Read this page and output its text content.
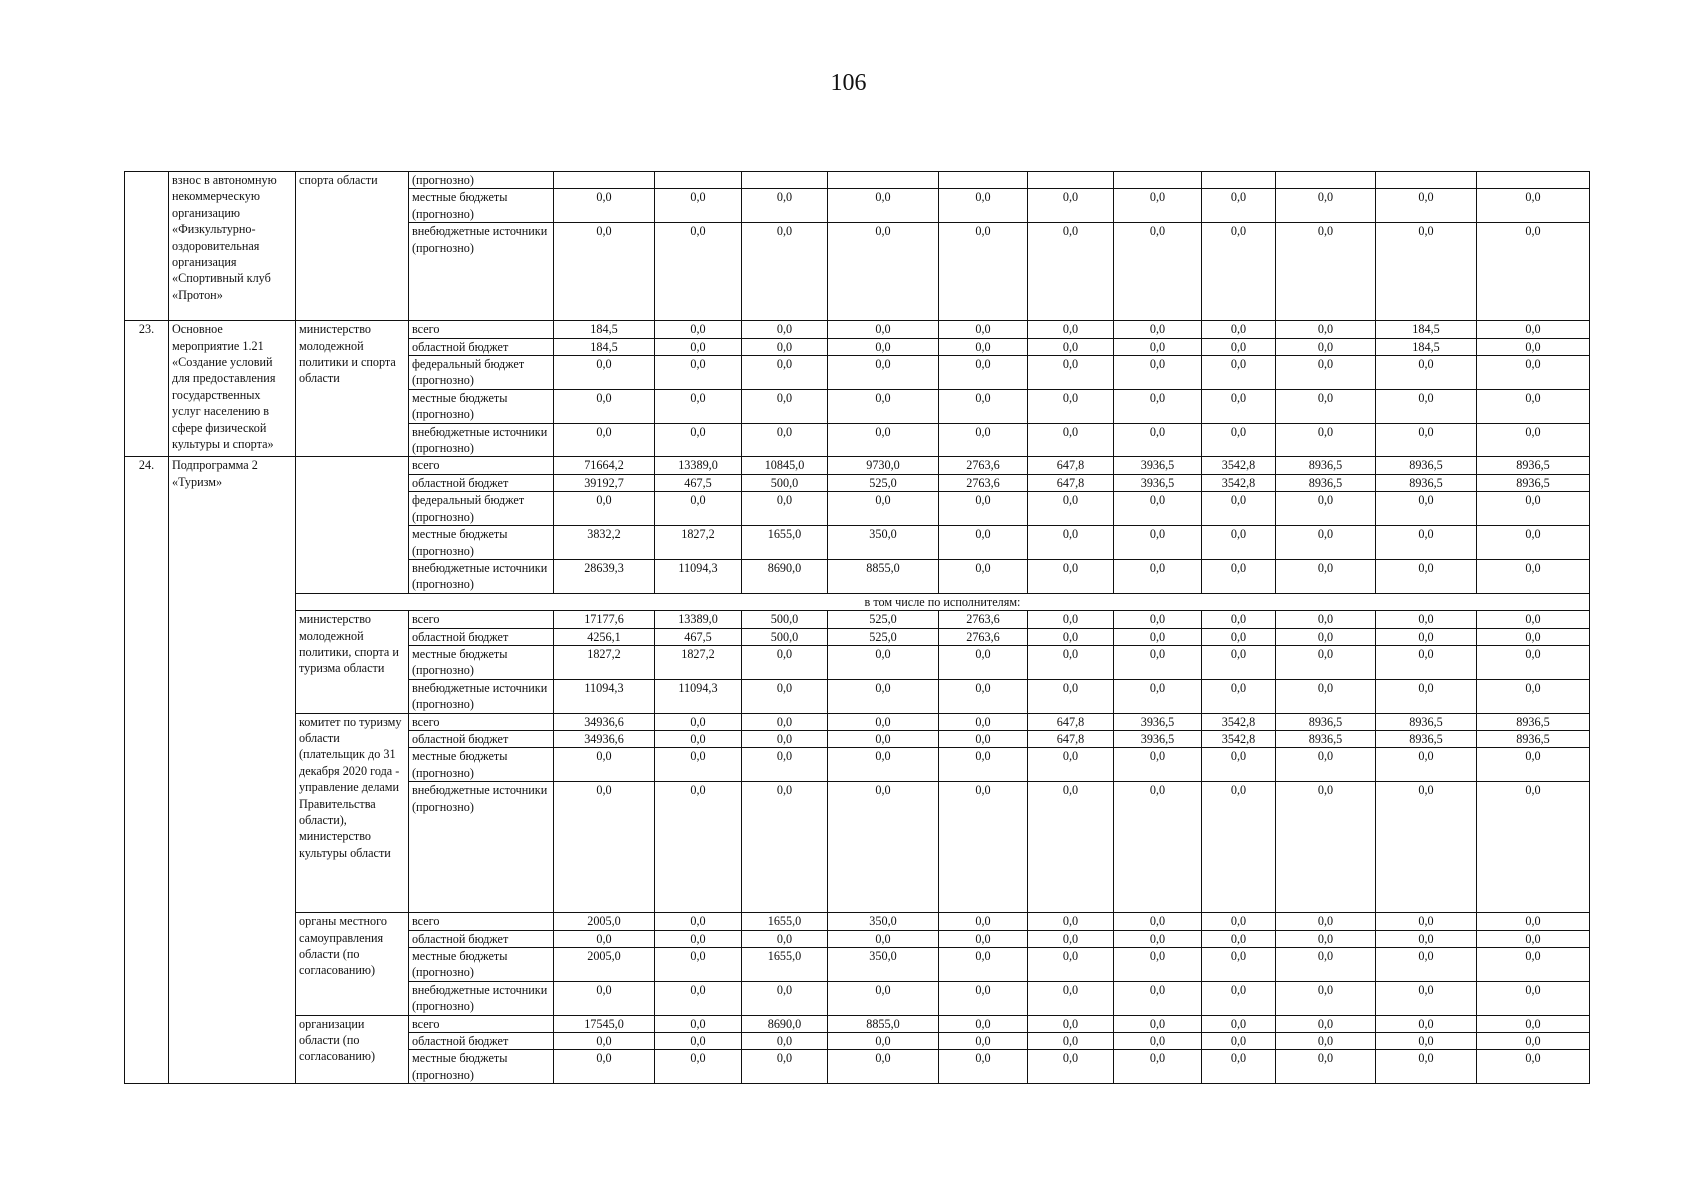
106
	взнос в автономную некоммерческую организацию «Физкультурно-оздоровительная организация «Спортивный клуб «Протон»	спорта области	(прогнозно)											
			местные бюджеты (прогнозно)	0,0	0,0	0,0	0,0	0,0	0,0	0,0	0,0	0,0	0,0	0,0
			внебюджетные источники (прогнозно)	0,0	0,0	0,0	0,0	0,0	0,0	0,0	0,0	0,0	0,0	0,0
23.	Основное мероприятие 1.21 «Создание условий для предоставления государственных услуг населению в сфере физической культуры и спорта»	министерство молодежной политики и спорта области	всего	184,5	0,0	0,0	0,0	0,0	0,0	0,0	0,0	0,0	184,5	0,0
			областной бюджет	184,5	0,0	0,0	0,0	0,0	0,0	0,0	0,0	0,0	184,5	0,0
			федеральный бюджет (прогнозно)	0,0	0,0	0,0	0,0	0,0	0,0	0,0	0,0	0,0	0,0	0,0
			местные бюджеты (прогнозно)	0,0	0,0	0,0	0,0	0,0	0,0	0,0	0,0	0,0	0,0	0,0
			внебюджетные источники (прогнозно)	0,0	0,0	0,0	0,0	0,0	0,0	0,0	0,0	0,0	0,0	0,0
24.	Подпрограмма 2 «Туризм»		всего	71664,2	13389,0	10845,0	9730,0	2763,6	647,8	3936,5	3542,8	8936,5	8936,5	8936,5
			областной бюджет	39192,7	467,5	500,0	525,0	2763,6	647,8	3936,5	3542,8	8936,5	8936,5	8936,5
			федеральный бюджет (прогнозно)	0,0	0,0	0,0	0,0	0,0	0,0	0,0	0,0	0,0	0,0	0,0
			местные бюджеты (прогнозно)	3832,2	1827,2	1655,0	350,0	0,0	0,0	0,0	0,0	0,0	0,0	0,0
			внебюджетные источники (прогнозно)	28639,3	11094,3	8690,0	8855,0	0,0	0,0	0,0	0,0	0,0	0,0	0,0
		в том числе по исполнителям:												
		министерство молодежной политики, спорта и туризма области	всего	17177,6	13389,0	500,0	525,0	2763,6	0,0	0,0	0,0	0,0	0,0	0,0
			областной бюджет	4256,1	467,5	500,0	525,0	2763,6	0,0	0,0	0,0	0,0	0,0	0,0
			местные бюджеты (прогнозно)	1827,2	1827,2	0,0	0,0	0,0	0,0	0,0	0,0	0,0	0,0	0,0
			внебюджетные источники (прогнозно)	11094,3	11094,3	0,0	0,0	0,0	0,0	0,0	0,0	0,0	0,0	0,0
		комитет по туризму области (плательщик до 31 декабря 2020 года - управление делами Правительства области), министерство культуры области	всего	34936,6	0,0	0,0	0,0	0,0	647,8	3936,5	3542,8	8936,5	8936,5	8936,5
			областной бюджет	34936,6	0,0	0,0	0,0	0,0	647,8	3936,5	3542,8	8936,5	8936,5	8936,5
			местные бюджеты (прогнозно)	0,0	0,0	0,0	0,0	0,0	0,0	0,0	0,0	0,0	0,0	0,0
			внебюджетные источники (прогнозно)	0,0	0,0	0,0	0,0	0,0	0,0	0,0	0,0	0,0	0,0	0,0
		органы местного самоуправления области (по согласованию)	всего	2005,0	0,0	1655,0	350,0	0,0	0,0	0,0	0,0	0,0	0,0	0,0
			областной бюджет	0,0	0,0	0,0	0,0	0,0	0,0	0,0	0,0	0,0	0,0	0,0
			местные бюджеты (прогнозно)	2005,0	0,0	1655,0	350,0	0,0	0,0	0,0	0,0	0,0	0,0	0,0
			внебюджетные источники (прогнозно)	0,0	0,0	0,0	0,0	0,0	0,0	0,0	0,0	0,0	0,0	0,0
		организации области (по согласованию)	всего	17545,0	0,0	8690,0	8855,0	0,0	0,0	0,0	0,0	0,0	0,0	0,0
			областной бюджет	0,0	0,0	0,0	0,0	0,0	0,0	0,0	0,0	0,0	0,0	0,0
			местные бюджеты (прогнозно)	0,0	0,0	0,0	0,0	0,0	0,0	0,0	0,0	0,0	0,0	0,0
